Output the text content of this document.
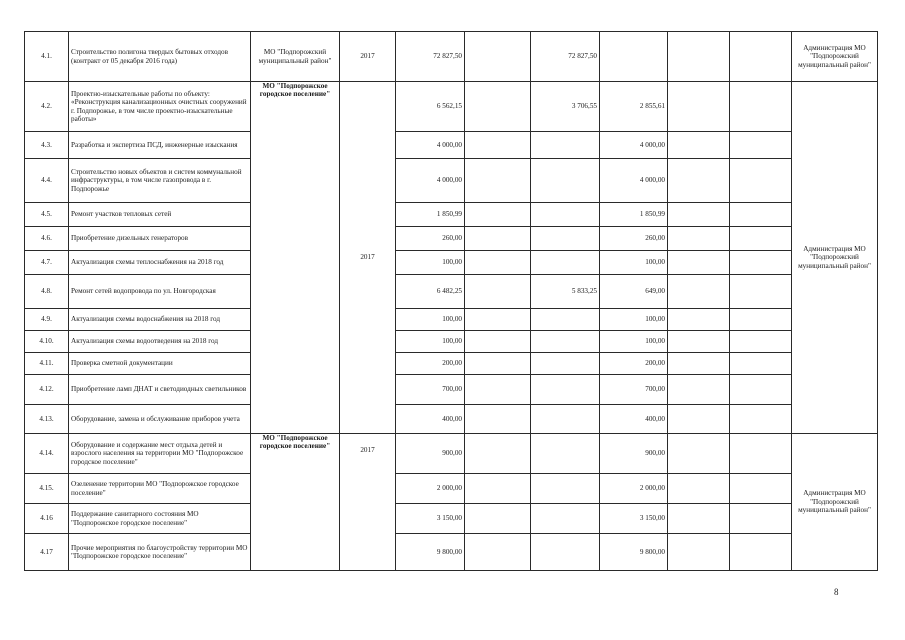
4.1.	Строительство полигона твердых бытовых отходов (контракт от 05 декабря 2016 года)	МО "Подпорожский муниципальный район"	2017	72 827,50		72 827,50				Администрация МО "Подпорожский муниципальный район"
4.2.	Проектно-изыскательные работы по объекту: «Реконструкция канализационных очистных сооружений г. Подпорожье, в том числе проектно-изыскательные работы»	МО "Подпорожское городское поселение"	2017	6 562,15		3 706,55	2 855,61			Администрация МО "Подпорожский муниципальный район"
4.3.	Разработка и экспертиза ПСД, инженерные изыскания			4 000,00			4 000,00			
4.4.	Строительство новых объектов и систем коммунальной инфраструктуры, в том числе газопровода в г. Подпорожье			4 000,00			4 000,00			
4.5.	Ремонт участков тепловых сетей			1 850,99			1 850,99			
4.6.	Приобретение дизельных генераторов			260,00			260,00			
4.7.	Актуализация схемы теплоснабжения на 2018 год			100,00			100,00			
4.8.	Ремонт сетей водопровода по ул. Новгородская			6 482,25		5 833,25	649,00			
4.9.	Актуализация схемы водоснабжения на 2018 год			100,00			100,00			
4.10.	Актуализация схемы водоотведения на 2018 год			100,00			100,00			
4.11.	Проверка сметной документации			200,00			200,00			
4.12.	Приобретение ламп ДНАТ и светодиодных светильников			700,00			700,00			
4.13.	Оборудование, замена и обслуживание приборов учета			400,00			400,00			
4.14.	Оборудование и содержание мест отдыха детей и взрослого населения на территории МО "Подпорожское городское поселение"	МО "Подпорожское городское поселение"	2017	900,00			900,00			Администрация МО "Подпорожский муниципальный район"
4.15.	Озеленение территории МО "Подпорожское городское поселение"			2 000,00			2 000,00			
4.16	Поддержание санитарного состояния МО "Подпорожское городское поселение"			3 150,00			3 150,00			
4.17	Прочие мероприятия по благоустройству территории МО "Подпорожское городское поселение"			9 800,00			9 800,00			
8
